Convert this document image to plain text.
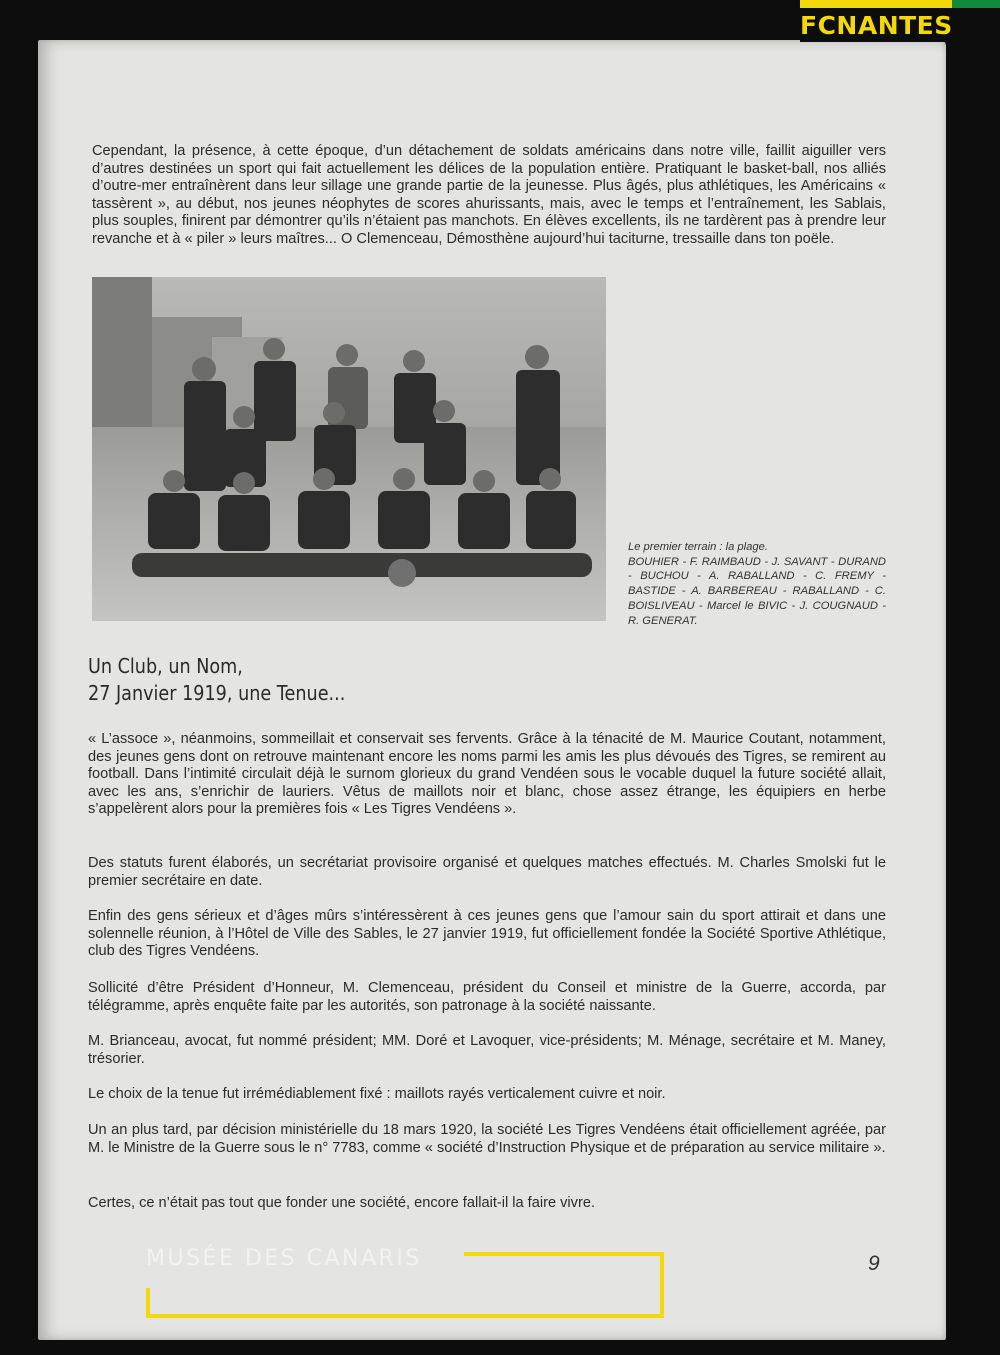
FCNANTES

Cependant, la présence, à cette époque, d’un détachement de soldats américains dans notre ville, faillit aiguiller vers d’autres destinées un sport qui fait actuellement les délices de la population entière. Pratiquant le basket-ball, nos alliés d’outre-mer entraînèrent dans leur sillage une grande partie de la jeunesse. Plus âgés, plus athlétiques, les Américains « tassèrent », au début, nos jeunes néophytes de scores ahurissants, mais, avec le temps et l’entraînement, les Sablais, plus souples, finirent par démontrer qu’ils n’étaient pas manchots. En élèves excellents, ils ne tardèrent pas à prendre leur revanche et à « piler » leurs maîtres... O Clemenceau, Démosthène aujourd’hui taciturne, tressaille dans ton poële.

Le premier terrain : la plage.
BOUHIER - F. RAIMBAUD - J. SAVANT - DURAND - BUCHOU - A. RABALLAND - C. FREMY - BASTIDE - A. BARBEREAU - RABALLAND - C. BOISLIVEAU - Marcel le BIVIC - J. COUGNAUD - R. GENERAT.

Un Club, un Nom,
27 Janvier 1919, une Tenue...

« L’assoce », néanmoins, sommeillait et conservait ses fervents. Grâce à la ténacité de M. Maurice Coutant, notamment, des jeunes gens dont on retrouve maintenant encore les noms parmi les amis les plus dévoués des Tigres, se remirent au football. Dans l’intimité circulait déjà le surnom glorieux du grand Vendéen sous le vocable duquel la future société allait, avec les ans, s’enrichir de lauriers. Vêtus de maillots noir et blanc, chose assez étrange, les équipiers en herbe s’appelèrent alors pour la premières fois « Les Tigres Vendéens ».

Des statuts furent élaborés, un secrétariat provisoire organisé et quelques matches effectués. M. Charles Smolski fut le premier secrétaire en date.

Enfin des gens sérieux et d’âges mûrs s’intéressèrent à ces jeunes gens que l’amour sain du sport attirait et dans une solennelle réunion, à l’Hôtel de Ville des Sables, le 27 janvier 1919, fut officiellement fondée la Société Sportive Athlétique, club des Tigres Vendéens.

Sollicité d’être Président d’Honneur, M. Clemenceau, président du Conseil et ministre de la Guerre, accorda, par télégramme, après enquête faite par les autorités, son patronage à la société naissante.

M. Brianceau, avocat, fut nommé président; MM. Doré et Lavoquer, vice-présidents; M. Ménage, secrétaire et M. Maney, trésorier.

Le choix de la tenue fut irrémédiablement fixé : maillots rayés verticalement cuivre et noir.

Un an plus tard, par décision ministérielle du 18 mars 1920, la société Les Tigres Vendéens était officiellement agréée, par M. le Ministre de la Guerre sous le n° 7783, comme « société d’Instruction Physique et de préparation au service militaire ».

Certes, ce n’était pas tout que fonder une société, encore fallait-il la faire vivre.

MUSÉE DES CANARIS	9
